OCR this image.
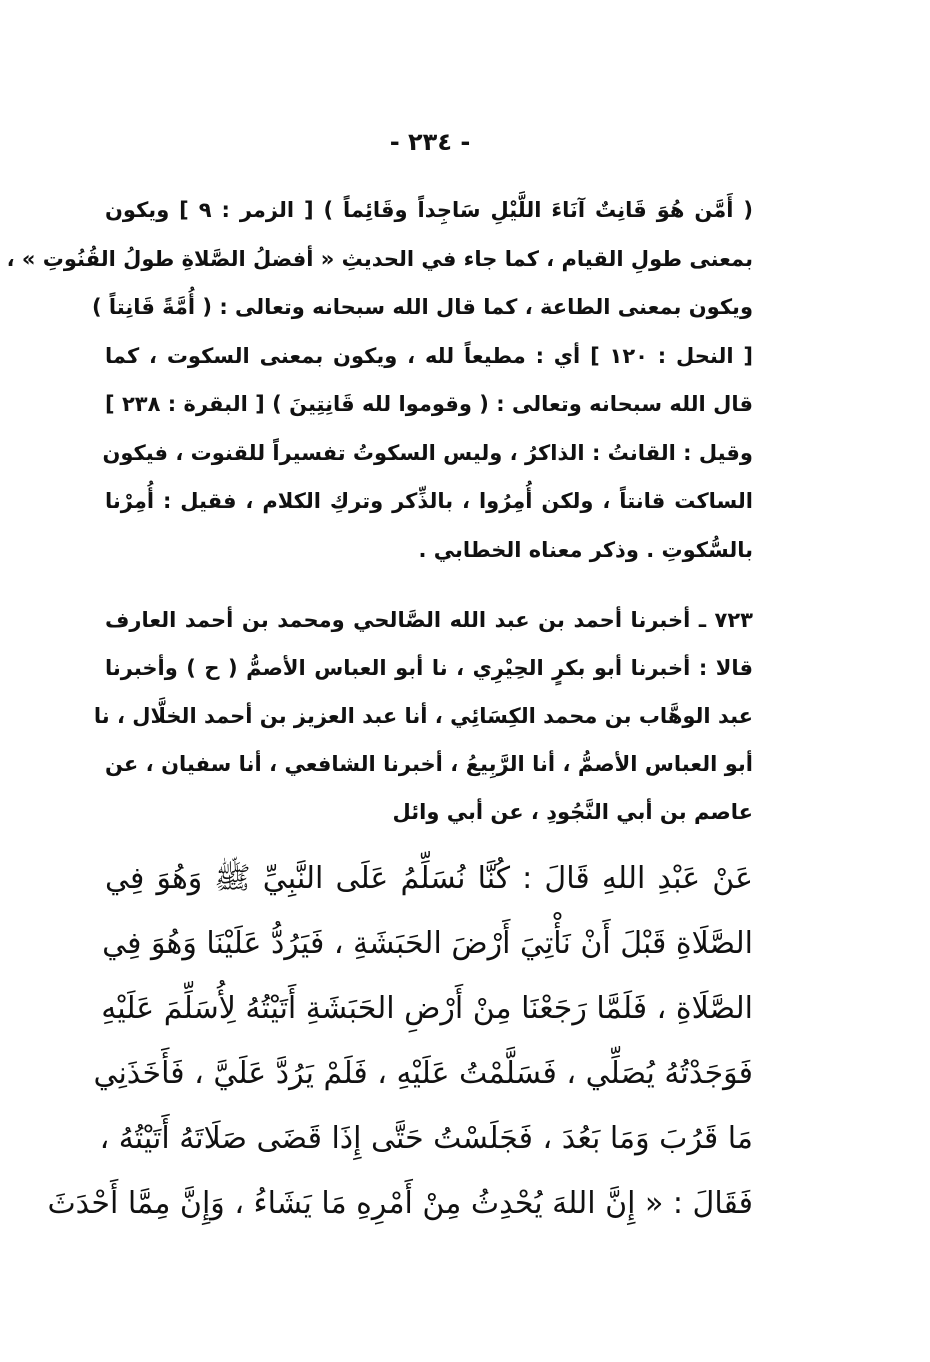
- ٢٣٤ -
( أَمَّن هُوَ قَانِتٌ آنَاءَ اللَّيْلِ سَاجِداً وقَائِماً ) [ الزمر : ٩ ] ويكون
بمعنى طولِ القيام ، كما جاء في الحديثِ « أفضلُ الصَّلاةِ طولُ القُنُوتِ » ،
ويكون بمعنى الطاعة ، كما قال الله سبحانه وتعالى : ( أُمَّةً قَانِتاً )
[ النحل : ١٢٠ ] أي : مطيعاً لله ، ويكون بمعنى السكوت ، كما
قال الله سبحانه وتعالى : ( وقوموا لله قَانِتِينَ ) [ البقرة : ٢٣٨ ]
وقيل : القانتُ : الذاكرُ ، وليس السكوتُ تفسيراً للقنوت ، فيكون
الساكت قانتاً ، ولكن أُمِرُوا ، بالذِّكر وتركِ الكلام ، فقيل : أُمِرْنا
بالسُّكوتِ . وذكر معناه الخطابي .
٧٢٣ ـ أخبرنا أحمد بن عبد الله الصَّالحي ومحمد بن أحمد العارف
قالا : أخبرنا أبو بكرٍ الحِيْرِي ، نا أبو العباس الأصمُّ ( ح ) وأخبرنا
عبد الوهَّاب بن محمد الكِسَائِي ، أنا عبد العزيز بن أحمد الخلَّال ، نا
أبو العباس الأصمُّ ، أنا الرَّبِيعُ ، أخبرنا الشافعي ، أنا سفيان ، عن
عاصم بن أبي النَّجُودِ ، عن أبي وائل
عَنْ عَبْدِ اللهِ قَالَ : كُنَّا نُسَلِّمُ عَلَى النَّبِيِّ ﷺ وَهُوَ فِي
الصَّلَاةِ قَبْلَ أَنْ نَأْتِيَ أَرْضَ الحَبَشَةِ ، فَيَرُدُّ عَلَيْنَا وَهُوَ فِي
الصَّلَاةِ ، فَلَمَّا رَجَعْنَا مِنْ أَرْضِ الحَبَشَةِ أَتَيْتُهُ لِأُسَلِّمَ عَلَيْهِ
فَوَجَدْتُهُ يُصَلِّي ، فَسَلَّمْتُ عَلَيْهِ ، فَلَمْ يَرُدَّ عَلَيَّ ، فَأَخَذَنِي
مَا قَرُبَ وَمَا بَعُدَ ، فَجَلَسْتُ حَتَّى إِذَا قَضَى صَلَاتَهُ أَتَيْتُهُ ،
فَقَالَ : « إِنَّ اللهَ يُحْدِثُ مِنْ أَمْرِهِ مَا يَشَاءُ ، وَإِنَّ مِمَّا أَحْدَثَ
